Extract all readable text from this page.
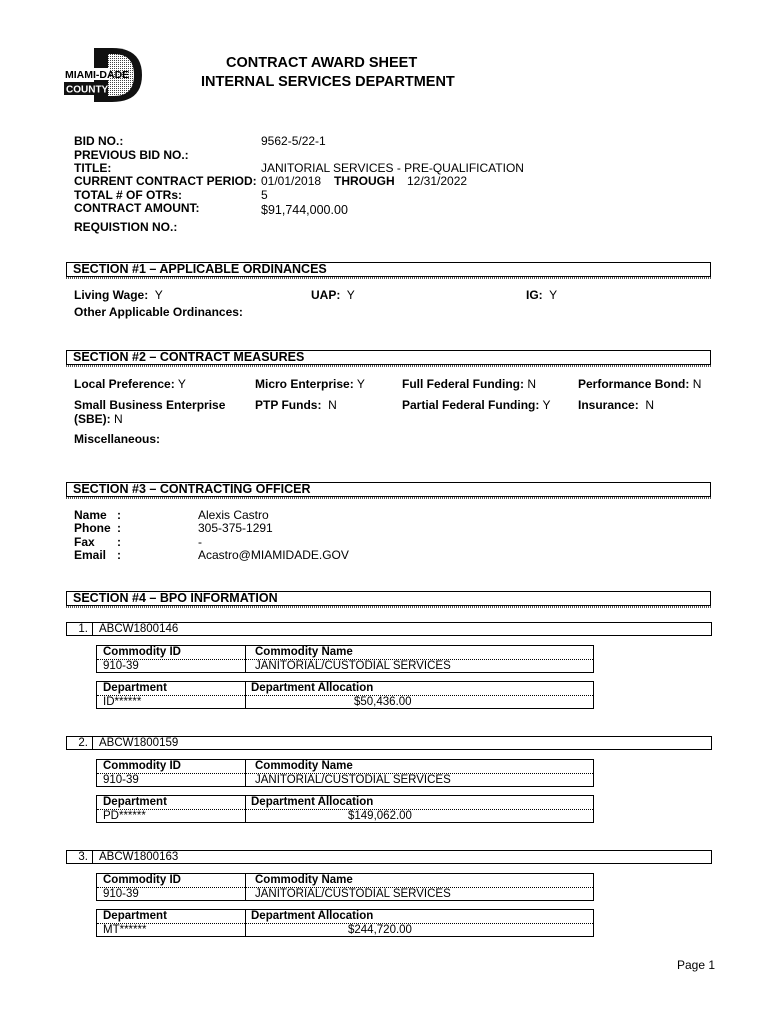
MIAMI-DADE
COUNTY
CONTRACT AWARD SHEET
INTERNAL SERVICES DEPARTMENT
BID NO.:	9562-5/22-1
PREVIOUS BID NO.:
TITLE:	JANITORIAL SERVICES - PRE-QUALIFICATION
CURRENT CONTRACT PERIOD: 01/01/2018 THROUGH 12/31/2022
TOTAL # OF OTRs:	5
CONTRACT AMOUNT:	$91,744,000.00
REQUISTION NO.:
SECTION #1 – APPLICABLE ORDINANCES
Living Wage: Y	UAP: Y	IG: Y
Other Applicable Ordinances:
SECTION #2 – CONTRACT MEASURES
Local Preference: Y	Micro Enterprise: Y	Full Federal Funding: N	Performance Bond: N
Small Business Enterprise
(SBE): N
PTP Funds: N	Partial Federal Funding: Y Insurance: N
Miscellaneous:
SECTION #3 – CONTRACTING OFFICER
Name :	Alexis Castro
Phone :	305-375-1291
Fax :	-
Email :	Acastro@MIAMIDADE.GOV
SECTION #4 – BPO INFORMATION
1. ABCW1800146
Commodity ID	Commodity Name
910-39	JANITORIAL/CUSTODIAL SERVICES
Department	Department Allocation
ID******	$50,436.00
2. ABCW1800159
Commodity ID	Commodity Name
910-39	JANITORIAL/CUSTODIAL SERVICES
Department	Department Allocation
PD******	$149,062.00
3. ABCW1800163
Commodity ID	Commodity Name
910-39	JANITORIAL/CUSTODIAL SERVICES
Department	Department Allocation
MT******	$244,720.00
Page 1
